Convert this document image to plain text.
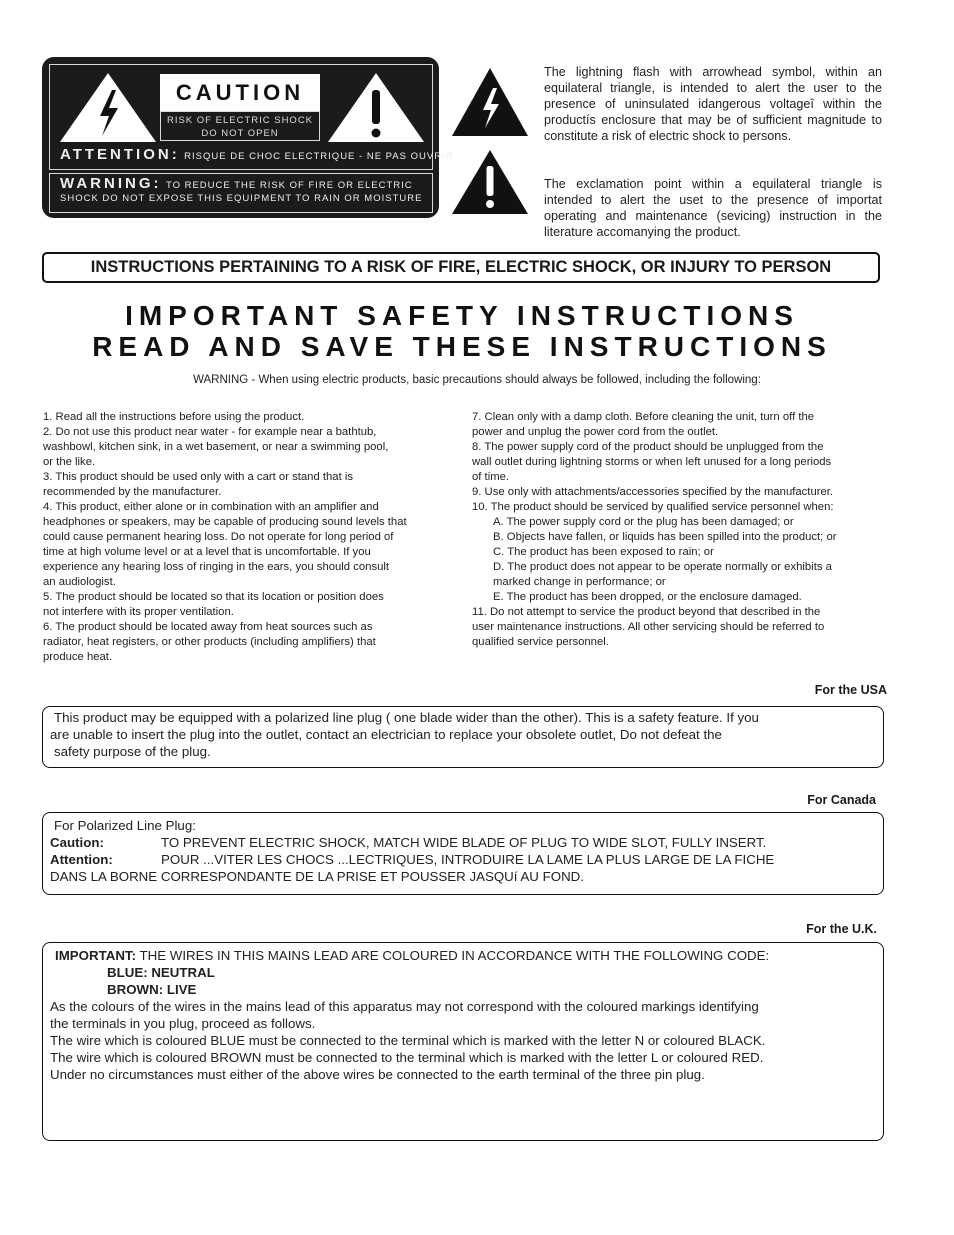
CAUTION
RISK OF ELECTRIC SHOCK
DO NOT OPEN
ATTENTION: RISQUE DE CHOC ELECTRIQUE - NE PAS OUVRIR
WARNING: TO REDUCE THE RISK OF FIRE OR ELECTRIC
SHOCK DO NOT EXPOSE THIS EQUIPMENT TO RAIN OR MOISTURE
The lightning flash with arrowhead symbol, within an equilateral triangle, is intended to alert the user to the presence of uninsulated idangerous voltageî within the productís enclosure that may be of sufficient magnitude to constitute a risk of electric shock to persons.
The exclamation point within a equilateral triangle is intended to alert the uset to the presence of importat operating and maintenance (sevicing) instruction in the literature accomanying the product.
INSTRUCTIONS PERTAINING TO A RISK OF FIRE, ELECTRIC SHOCK, OR INJURY TO PERSON
IMPORTANT SAFETY INSTRUCTIONS
READ AND SAVE THESE INSTRUCTIONS
WARNING - When using electric products, basic precautions should always be followed, including the following:
1. Read all the instructions before using the product.
2. Do not use this product near water - for example near a bathtub,
washbowl, kitchen sink, in a wet basement, or near a swimming pool,
or the like.
3. This product should be used only with a cart or stand that is
recommended by the manufacturer.
4. This product, either alone or in combination with an amplifier and
headphones or speakers, may be capable of producing sound levels that
could cause permanent hearing loss. Do not operate for long period of
time at high volume level or at a level that is uncomfortable. If you
experience any hearing loss of ringing in the ears, you should consult
an audiologist.
5. The product should be located so that its location or position does
not interfere with its proper ventilation.
6. The product should be located away from heat sources such as
radiator, heat registers, or other products (including amplifiers) that
produce heat.
7. Clean only with a damp cloth. Before cleaning the unit, turn off the
power and unplug the power cord from the outlet.
8. The power supply cord of the product should be unplugged from the
wall outlet during lightning storms or when left unused for a long periods
of time.
9. Use only with attachments/accessories specified by the manufacturer.
10. The product should be serviced by qualified service personnel when:
A. The power supply cord or the plug has been damaged; or
B. Objects have fallen, or liquids has been spilled into the product; or
C. The product has been exposed to rain; or
D. The product does not appear to be operate normally or exhibits a
marked change in performance; or
E. The product has been dropped, or the enclosure damaged.
11. Do not attempt to service the product beyond that described in the
user maintenance instructions. All other servicing should be referred to
qualified service personnel.
For the USA
This product may be equipped with a polarized line plug ( one blade wider than the other). This is a safety feature. If you
are unable to insert the plug into the outlet, contact an electrician to replace your obsolete outlet, Do not defeat the
safety purpose of the plug.
For Canada
For Polarized Line Plug:
Caution:	TO PREVENT ELECTRIC SHOCK, MATCH WIDE BLADE OF PLUG TO WIDE SLOT, FULLY INSERT.
Attention:	POUR ...VITER LES CHOCS ...LECTRIQUES, INTRODUIRE LA LAME LA PLUS LARGE DE LA FICHE
DANS LA BORNE CORRESPONDANTE DE LA PRISE ET POUSSER JASQUí AU FOND.
For the U.K.
IMPORTANT: THE WIRES IN THIS MAINS LEAD ARE COLOURED IN ACCORDANCE WITH THE FOLLOWING CODE:
BLUE: NEUTRAL
BROWN: LIVE
As the colours of the wires in the mains lead of this apparatus may not correspond with the coloured markings identifying
the terminals in you plug, proceed as follows.
The wire which is coloured BLUE must be connected to the terminal which is marked with the letter N or coloured BLACK.
The wire which is coloured BROWN must be connected to the terminal which is marked with the letter L or coloured RED.
Under no circumstances must either of the above wires be connected to the earth terminal of the three pin plug.
